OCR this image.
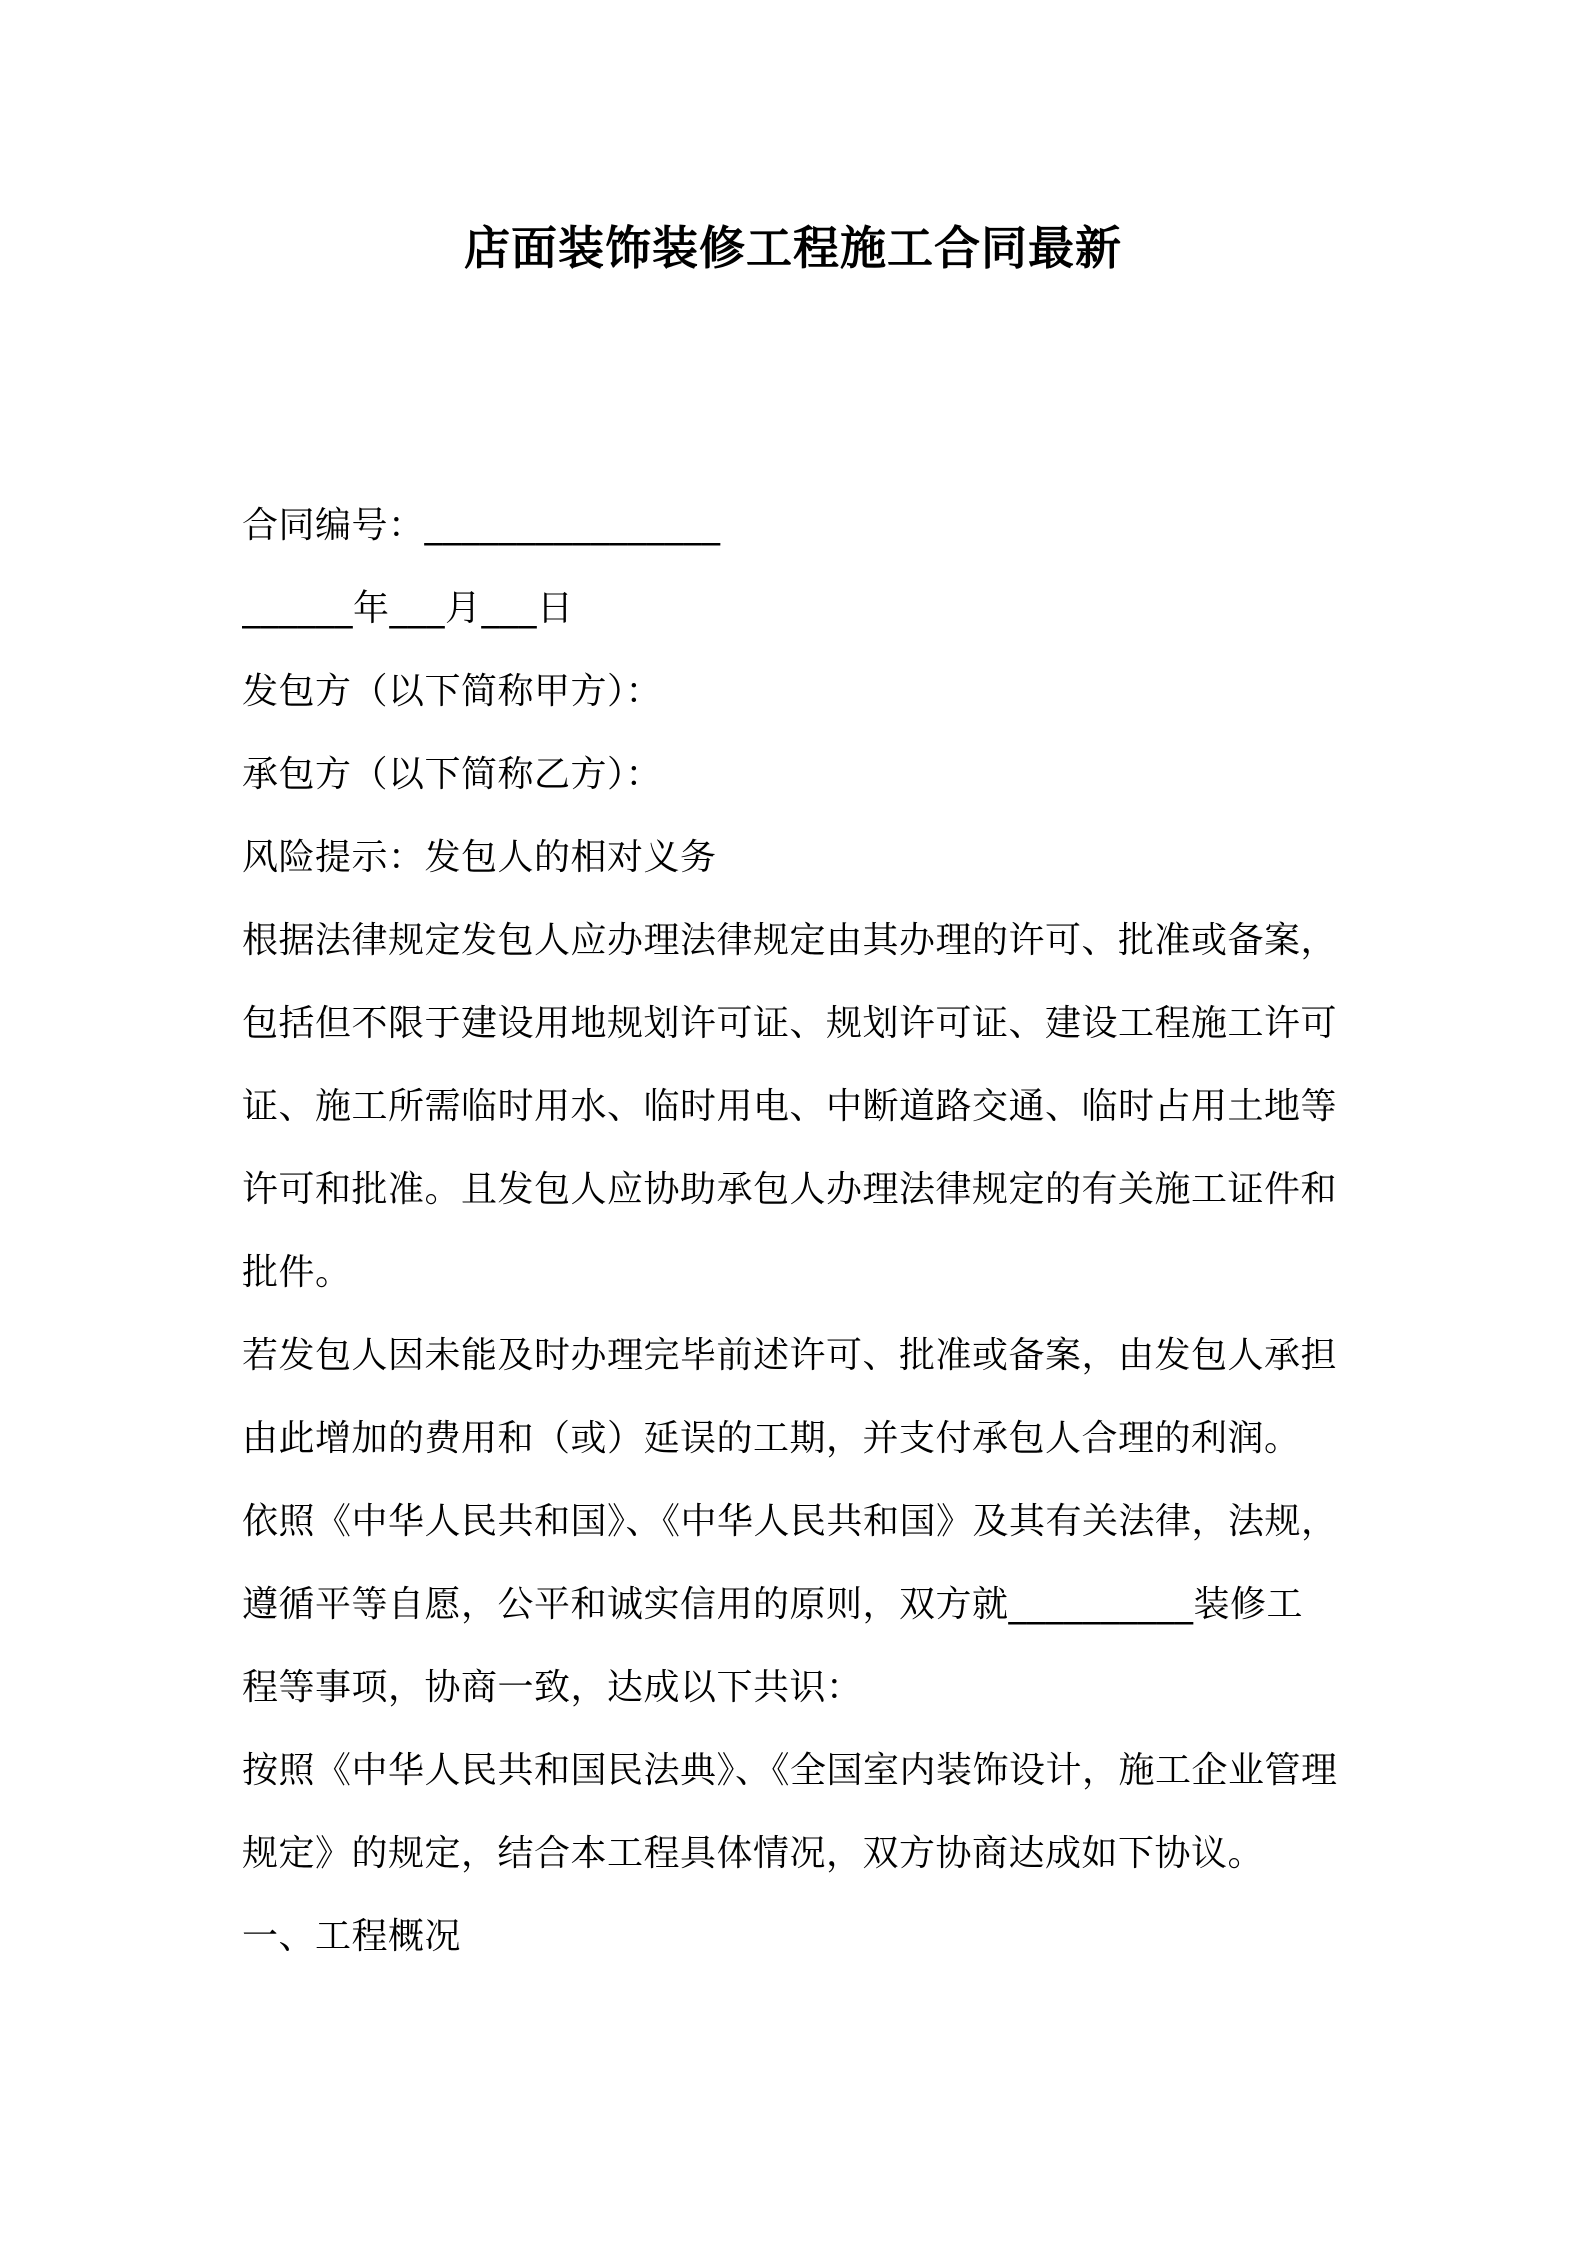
店面装饰装修工程施工合同最新
合同编号：________________
______年___月___日
发包方（以下简称甲方）：
承包方（以下简称乙方）：
风险提示：发包人的相对义务
根据法律规定发包人应办理法律规定由其办理的许可、批准或备案，
包括但不限于建设用地规划许可证、规划许可证、建设工程施工许可
证、施工所需临时用水、临时用电、中断道路交通、临时占用土地等
许可和批准。且发包人应协助承包人办理法律规定的有关施工证件和
批件。
若发包人因未能及时办理完毕前述许可、批准或备案，由发包人承担
由此增加的费用和（或）延误的工期，并支付承包人合理的利润。
依照《中华人民共和国》、《中华人民共和国》及其有关法律，法规，
遵循平等自愿，公平和诚实信用的原则，双方就__________装修工
程等事项，协商一致，达成以下共识：
按照《中华人民共和国民法典》、《全国室内装饰设计，施工企业管理
规定》的规定，结合本工程具体情况，双方协商达成如下协议。
一、工程概况
